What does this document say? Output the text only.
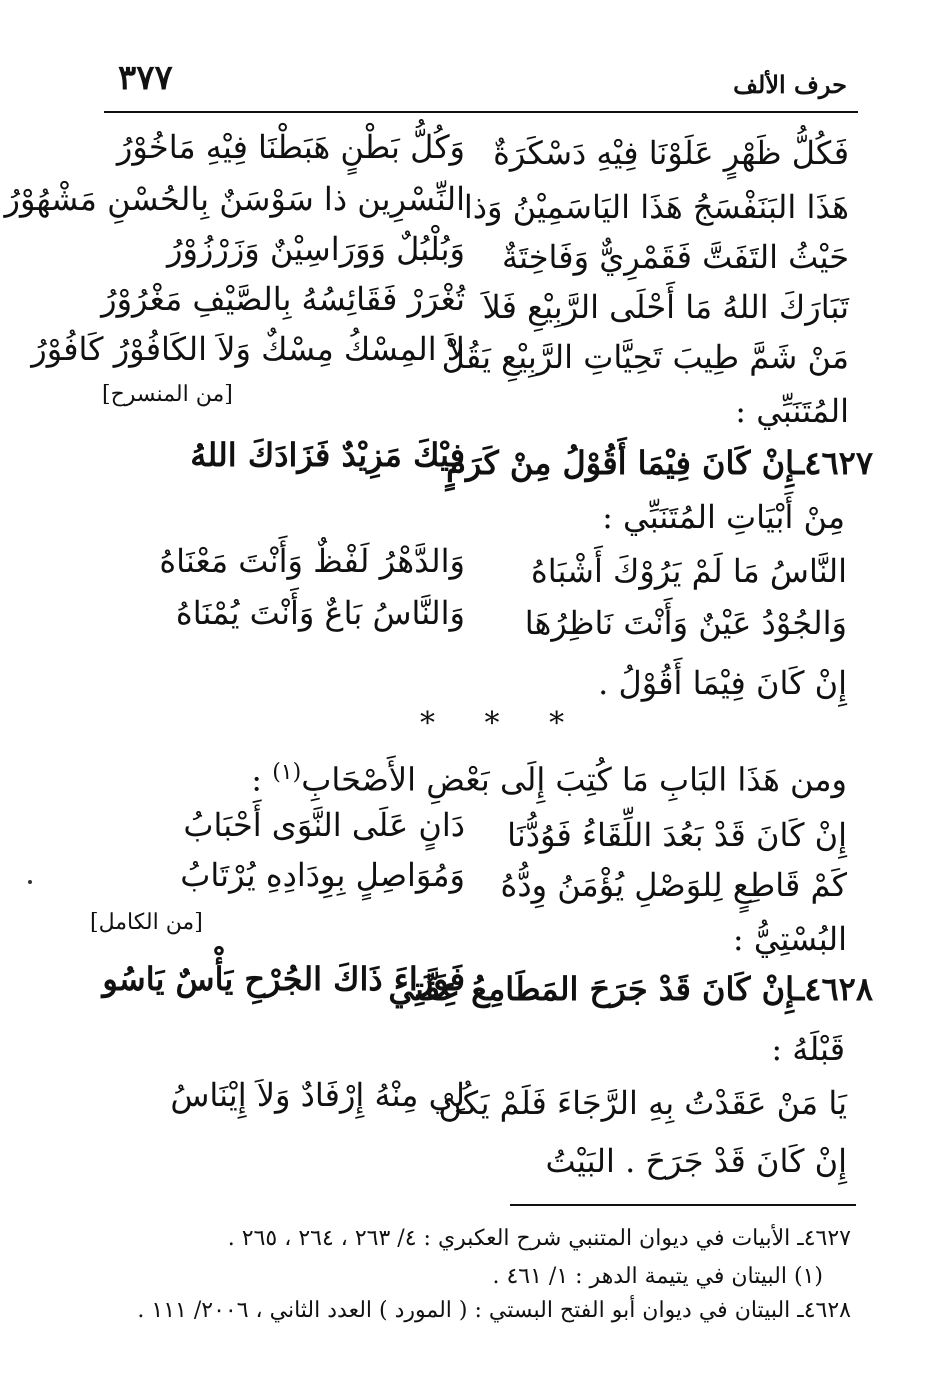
٣٧٧	حرف الألف
فَكُلُّ ظَهْرٍ عَلَوْنَا فِيْهِ دَسْكَرَةٌ
وَكُلُّ بَطْنٍ هَبَطْنَا فِيْهِ مَاخُوْرُ
هَذَا البَنَفْسَجُ هَذَا اليَاسَمِيْنُ وَذا
النِّسْرِين ذا سَوْسَنٌ بِالحُسْنِ مَشْهُوْرُ
حَيْثُ التَفَتَّ فَقَمْرِيٌّ وَفَاخِتَةٌ
وَبُلْبُلٌ وَوَرَاسِيْنٌ وَزَرْزُوْرُ
تَبَارَكَ اللهُ مَا أَحْلَى الرَّبِيْعِ فَلاَ
تُغْرَرْ فَقَائِسُهُ بِالصَّيْفِ مَغْرُوْرُ
مَنْ شَمَّ طِيبَ تَحِيَّاتِ الرَّبِيْعِ يَقُلْ
لاَ المِسْكُ مِسْكٌ وَلاَ الكَافُوْرُ كَافُوْرُ
[من المنسرح]	المُتَنَبِّي :
٤٦٢٧ـإِنْ كَانَ فِيْمَا أَقُوْلُ مِنْ كَرَمٍ
فِيْكَ مَزِيْدٌ فَزَادَكَ اللهُ
مِنْ أَبْيَاتِ المُتَنَبِّي :
النَّاسُ مَا لَمْ يَرُوْكَ أَشْبَاهُ
وَالدَّهْرُ لَفْظٌ وَأَنْتَ مَعْنَاهُ
وَالجُوْدُ عَيْنٌ وَأَنْتَ نَاظِرُهَا
وَالنَّاسُ بَاعٌ وَأَنْتَ يُمْنَاهُ
إِنْ كَانَ فِيْمَا أَقُوْلُ .
* * *
ومن هَذَا البَابِ مَا كُتِبَ إِلَى بَعْضِ الأَصْحَابِ$^{(١)}$ :
إِنْ كَانَ قَدْ بَعُدَ اللِّقَاءُ فَوُدُّنَا
دَانٍ عَلَى النَّوَى أَحْبَابُ
كَمْ قَاطِعٍ لِلوَصْلِ يُؤْمَنُ وِدُّهُ
وَمُوَاصِلٍ بِوِدَادِهِ يُرْتَابُ
[من الكامل]	البُسْتِيُّ :
٤٦٢٨ـإِنْ كَانَ قَدْ جَرَحَ المَطَامِعُ عِفَّتِي
فَوَرَاءَ ذَاكَ الجُرْحِ يَأْسٌ يَاسُو
قَبْلَهُ :
يَا مَنْ عَقَدْتُ بِهِ الرَّجَاءَ فَلَمْ يَكُنْ
لِي مِنْهُ إِرْفَادٌ وَلاَ إِيْنَاسُ
إِنْ كَانَ قَدْ جَرَحَ . البَيْتُ
٤٦٢٧ـ الأبيات في ديوان المتنبي شرح العكبري : ٤/ ٢٦٣ ، ٢٦٤ ، ٢٦٥ .
(١) البيتان في يتيمة الدهر : ١/ ٤٦١ .
٤٦٢٨ـ البيتان في ديوان أبو الفتح البستي : ( المورد ) العدد الثاني ، ٢٠٠٦/ ١١١ .
